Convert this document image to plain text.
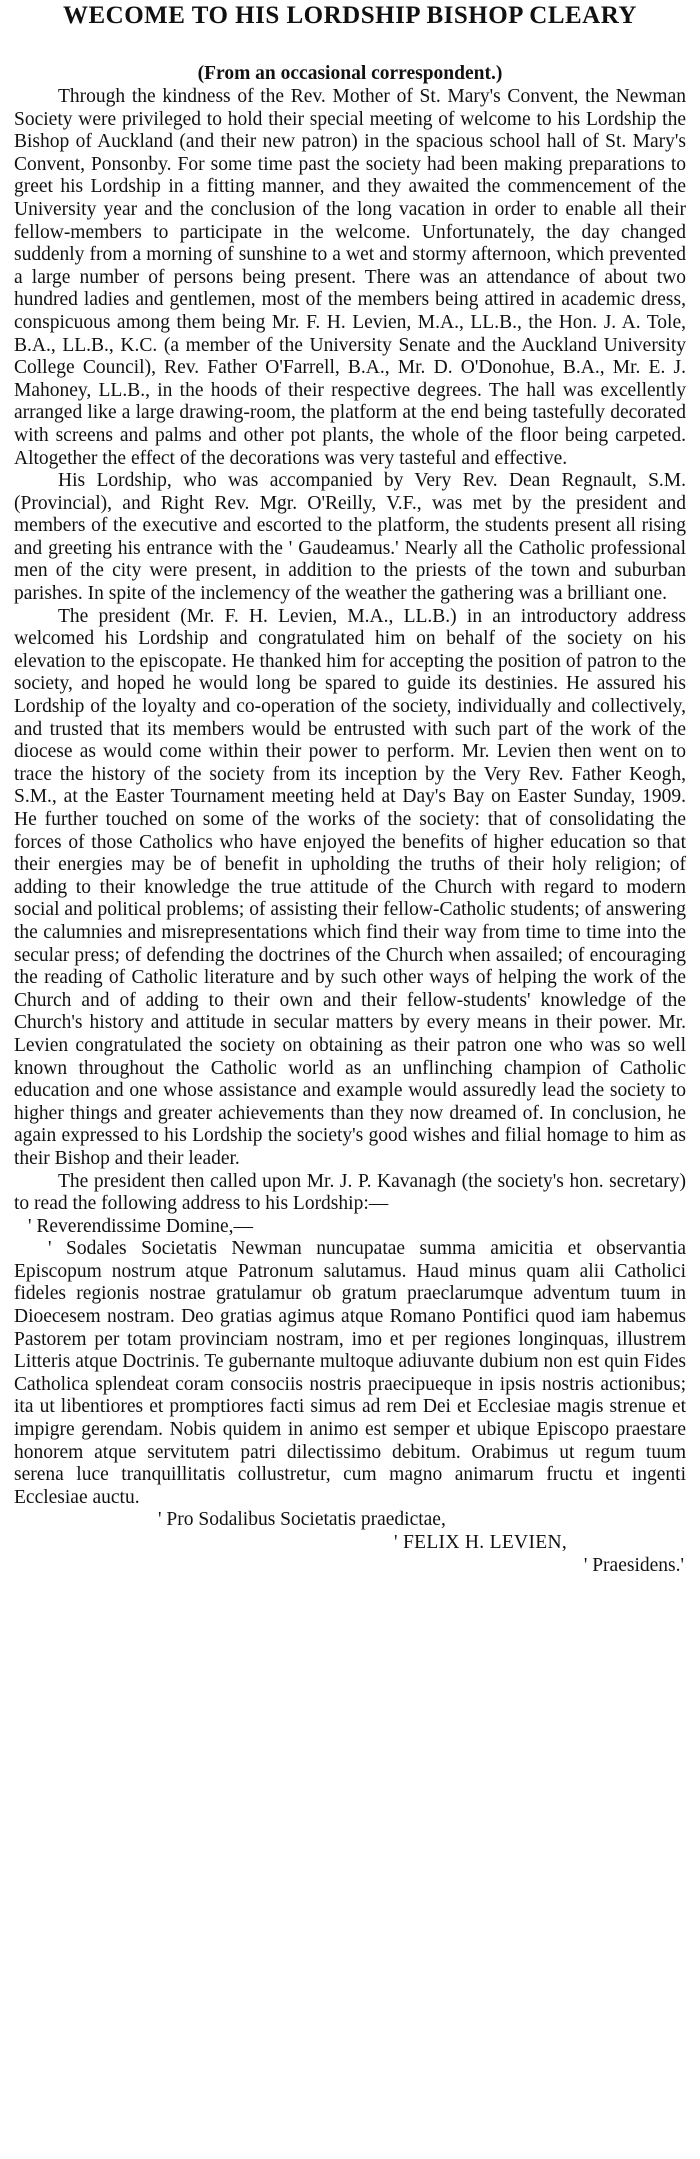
WECOME TO HIS LORDSHIP BISHOP CLEARY
(From an occasional correspondent.)

Through the kindness of the Rev. Mother of St. Mary's Convent, the Newman Society were privileged to hold their special meeting of welcome to his Lordship the Bishop of Auckland (and their new patron) in the spacious school hall of St. Mary's Convent, Ponsonby. For some time past the society had been making preparations to greet his Lordship in a fitting manner, and they awaited the commencement of the University year and the conclusion of the long vacation in order to enable all their fellow-members to participate in the welcome. Unfortunately, the day changed suddenly from a morning of sunshine to a wet and stormy afternoon, which prevented a large number of persons being present. There was an attendance of about two hundred ladies and gentlemen, most of the members being attired in academic dress, conspicuous among them being Mr. F. H. Levien, M.A., LL.B., the Hon. J. A. Tole, B.A., LL.B., K.C. (a member of the University Senate and the Auckland University College Council), Rev. Father O'Farrell, B.A., Mr. D. O'Donohue, B.A., Mr. E. J. Mahoney, LL.B., in the hoods of their respective degrees. The hall was excellently arranged like a large drawing-room, the platform at the end being tastefully decorated with screens and palms and other pot plants, the whole of the floor being carpeted. Altogether the effect of the decorations was very tasteful and effective.

His Lordship, who was accompanied by Very Rev. Dean Regnault, S.M. (Provincial), and Right Rev. Mgr. O'Reilly, V.F., was met by the president and members of the executive and escorted to the platform, the students present all rising and greeting his entrance with the ' Gaudeamus.' Nearly all the Catholic professional men of the city were present, in addition to the priests of the town and suburban parishes. In spite of the inclemency of the weather the gathering was a brilliant one.

The president (Mr. F. H. Levien, M.A., LL.B.) in an introductory address welcomed his Lordship and congratulated him on behalf of the society on his elevation to the episcopate. He thanked him for accepting the position of patron to the society, and hoped he would long be spared to guide its destinies. He assured his Lordship of the loyalty and co-operation of the society, individually and collectively, and trusted that its members would be entrusted with such part of the work of the diocese as would come within their power to perform. Mr. Levien then went on to trace the history of the society from its inception by the Very Rev. Father Keogh, S.M., at the Easter Tournament meeting held at Day's Bay on Easter Sunday, 1909. He further touched on some of the works of the society: that of consolidating the forces of those Catholics who have enjoyed the benefits of higher education so that their energies may be of benefit in upholding the truths of their holy religion; of adding to their knowledge the true attitude of the Church with regard to modern social and political problems; of assisting their fellow-Catholic students; of answering the calumnies and misrepresentations which find their way from time to time into the secular press; of defending the doctrines of the Church when assailed; of encouraging the reading of Catholic literature and by such other ways of helping the work of the Church and of adding to their own and their fellow-students' knowledge of the Church's history and attitude in secular matters by every means in their power. Mr. Levien congratulated the society on obtaining as their patron one who was so well known throughout the Catholic world as an unflinching champion of Catholic education and one whose assistance and example would assuredly lead the society to higher things and greater achievements than they now dreamed of. In conclusion, he again expressed to his Lordship the society's good wishes and filial homage to him as their Bishop and their leader.

The president then called upon Mr. J. P. Kavanagh (the society's hon. secretary) to read the following address to his Lordship:—

' Reverendissime Domine,—

' Sodales Societatis Newman nuncupatae summa amicitia et observantia Episcopum nostrum atque Patronum salutamus. Haud minus quam alii Catholici fideles regionis nostrae gratulamur ob gratum praeclarumque adventum tuum in Dioecesem nostram. Deo gratias agimus atque Romano Pontifici quod iam habemus Pastorem per totam provinciam nostram, imo et per regiones longinquas, illustrem Litteris atque Doctrinis. Te gubernante multoque adiuvante dubium non est quin Fides Catholica splendeat coram consociis nostris praecipueque in ipsis nostris actionibus; ita ut libentiores et promptiores facti simus ad rem Dei et Ecclesiae magis strenue et impigre gerendam. Nobis quidem in animo est semper et ubique Episcopo praestare honorem atque servitutem patri dilectissimo debitum. Orabimus ut regum tuum serena luce tranquillitatis collustretur, cum magno animarum fructu et ingenti Ecclesiae auctu.

' Pro Sodalibus Societatis praedictae,

' FELIX H. LEVIEN,

' Praesidens.'
